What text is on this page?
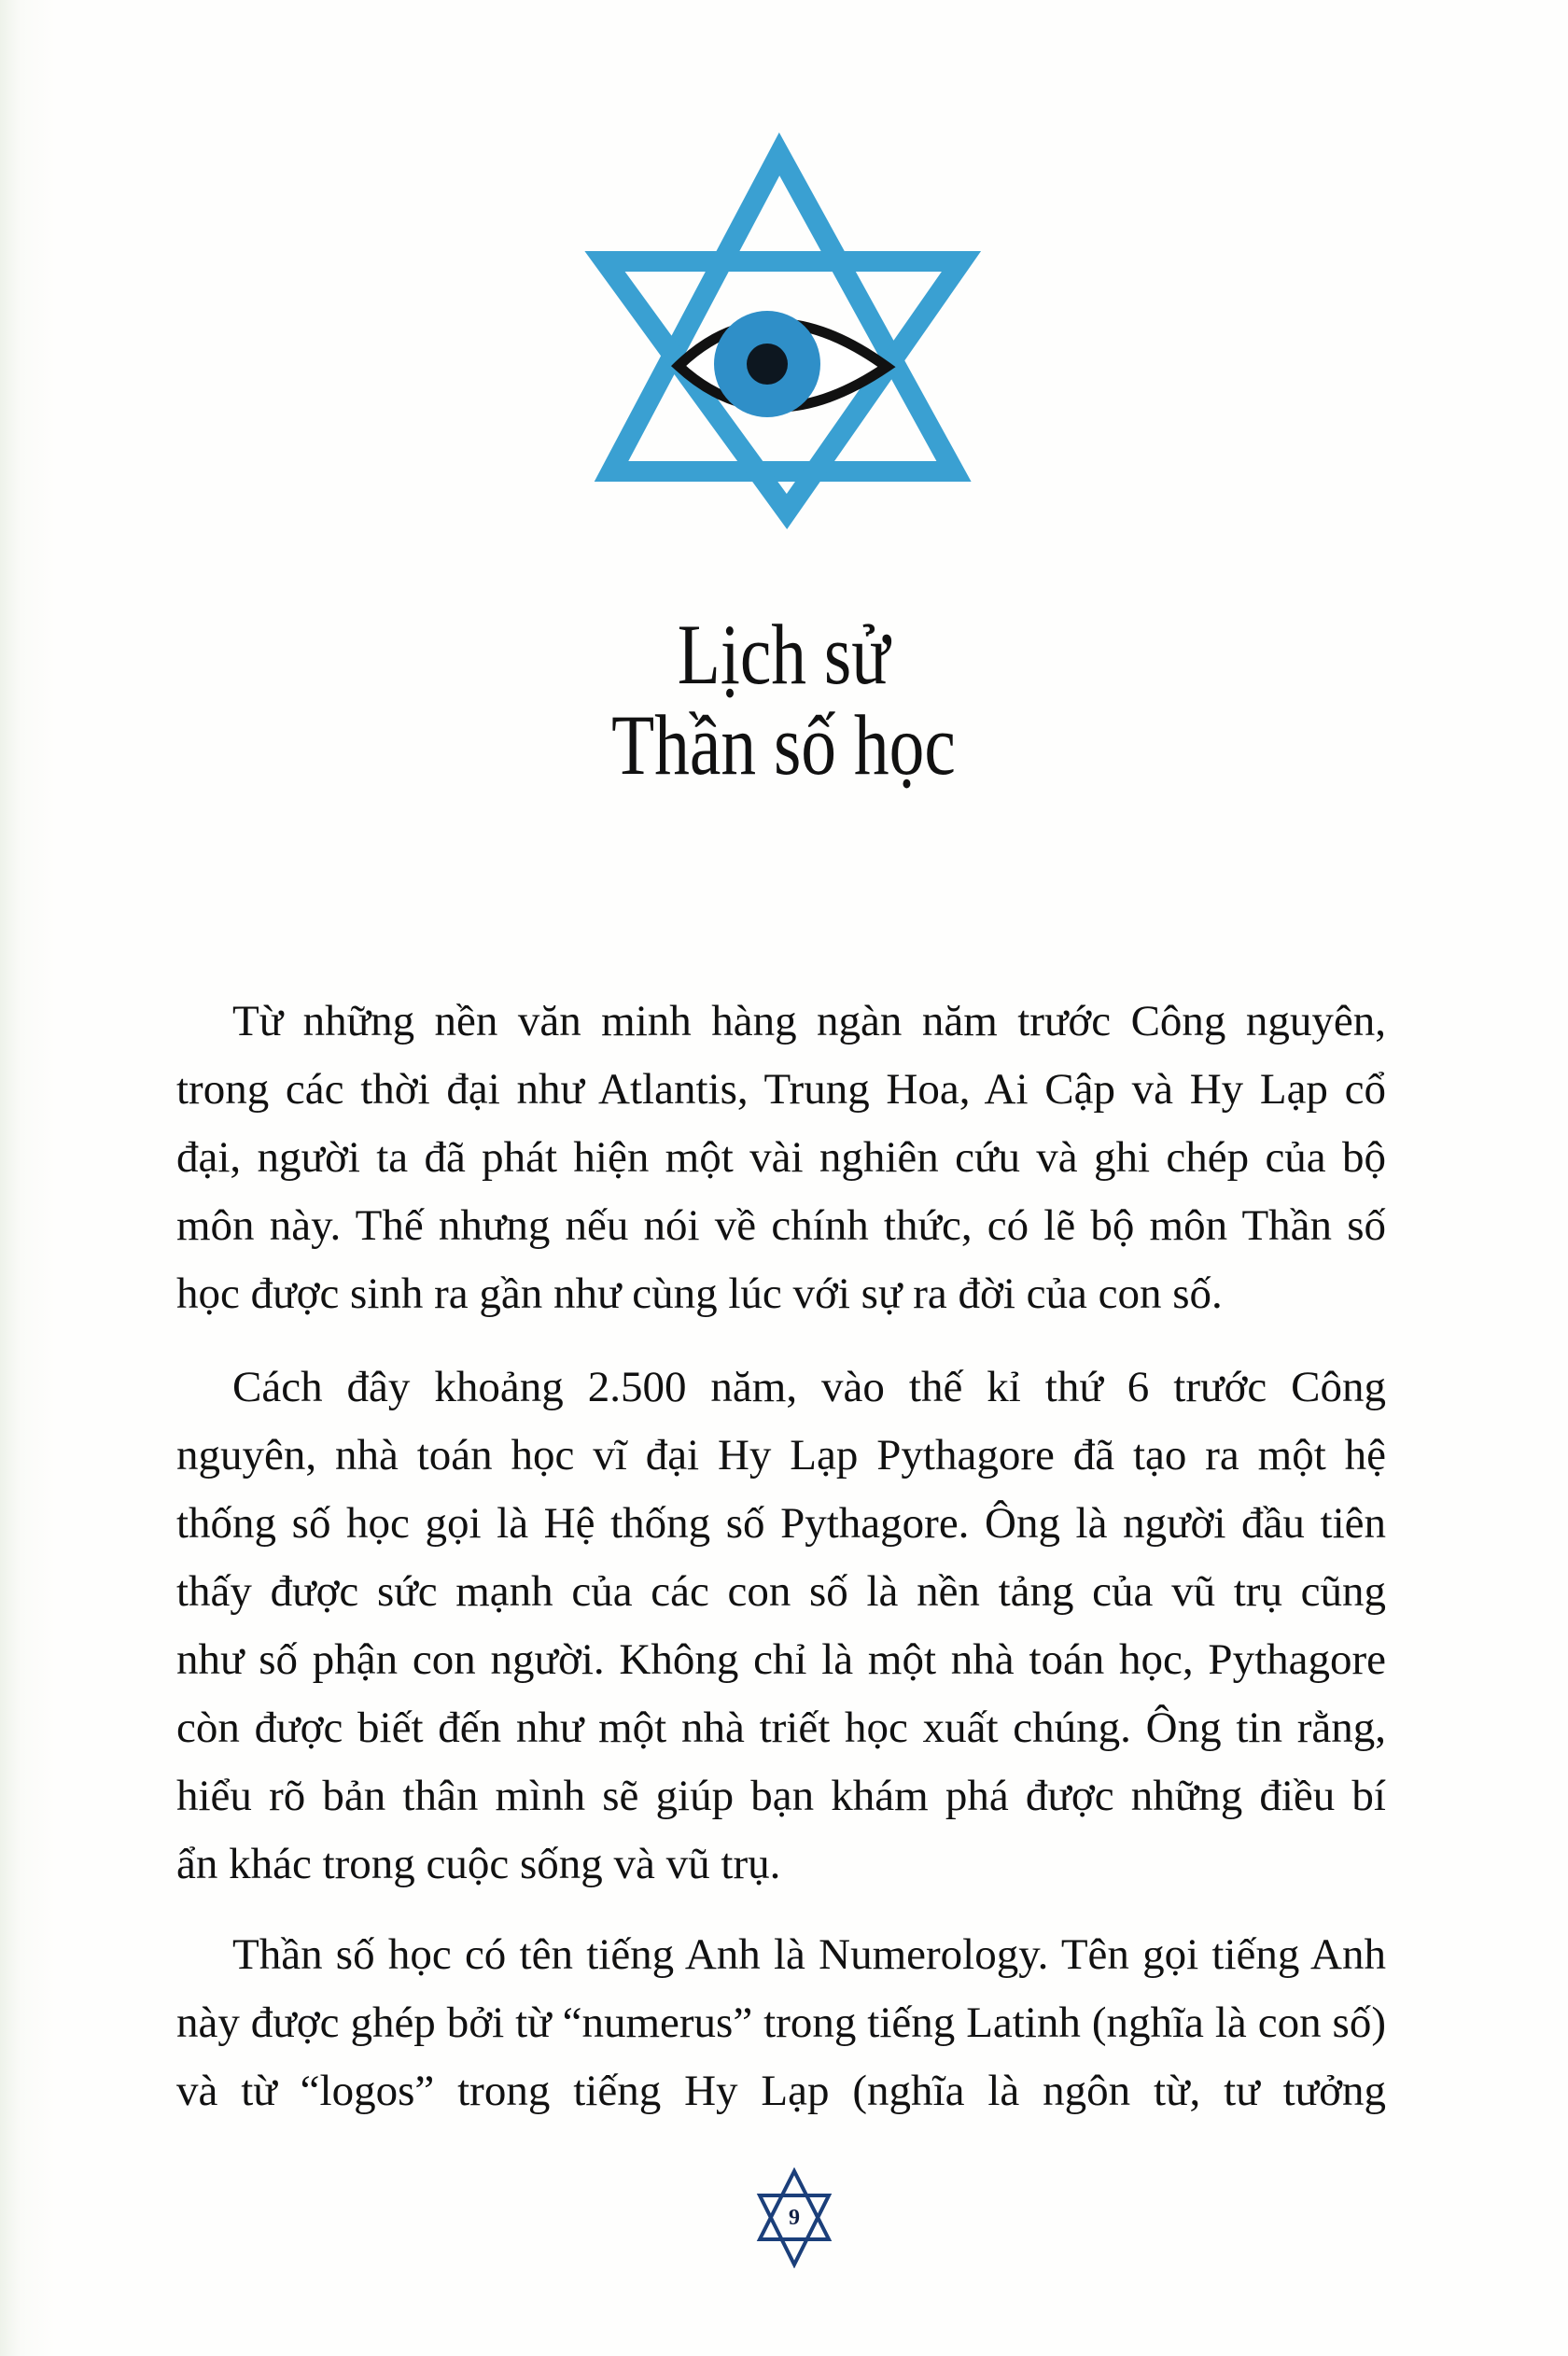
Lịch sử
Thần số học
Từ những nền văn minh hàng ngàn năm trước Công nguyên,
trong các thời đại như Atlantis, Trung Hoa, Ai Cập và Hy Lạp cổ
đại, người ta đã phát hiện một vài nghiên cứu và ghi chép của bộ
môn này. Thế nhưng nếu nói về chính thức, có lẽ bộ môn Thần số
học được sinh ra gần như cùng lúc với sự ra đời của con số.
Cách đây khoảng 2.500 năm, vào thế kỉ thứ 6 trước Công
nguyên, nhà toán học vĩ đại Hy Lạp Pythagore đã tạo ra một hệ
thống số học gọi là Hệ thống số Pythagore. Ông là người đầu tiên
thấy được sức mạnh của các con số là nền tảng của vũ trụ cũng
như số phận con người. Không chỉ là một nhà toán học, Pythagore
còn được biết đến như một nhà triết học xuất chúng. Ông tin rằng,
hiểu rõ bản thân mình sẽ giúp bạn khám phá được những điều bí
ẩn khác trong cuộc sống và vũ trụ.
Thần số học có tên tiếng Anh là Numerology. Tên gọi tiếng Anh
này được ghép bởi từ “numerus” trong tiếng Latinh (nghĩa là con số)
và từ “logos” trong tiếng Hy Lạp (nghĩa là ngôn từ, tư tưởng
9
